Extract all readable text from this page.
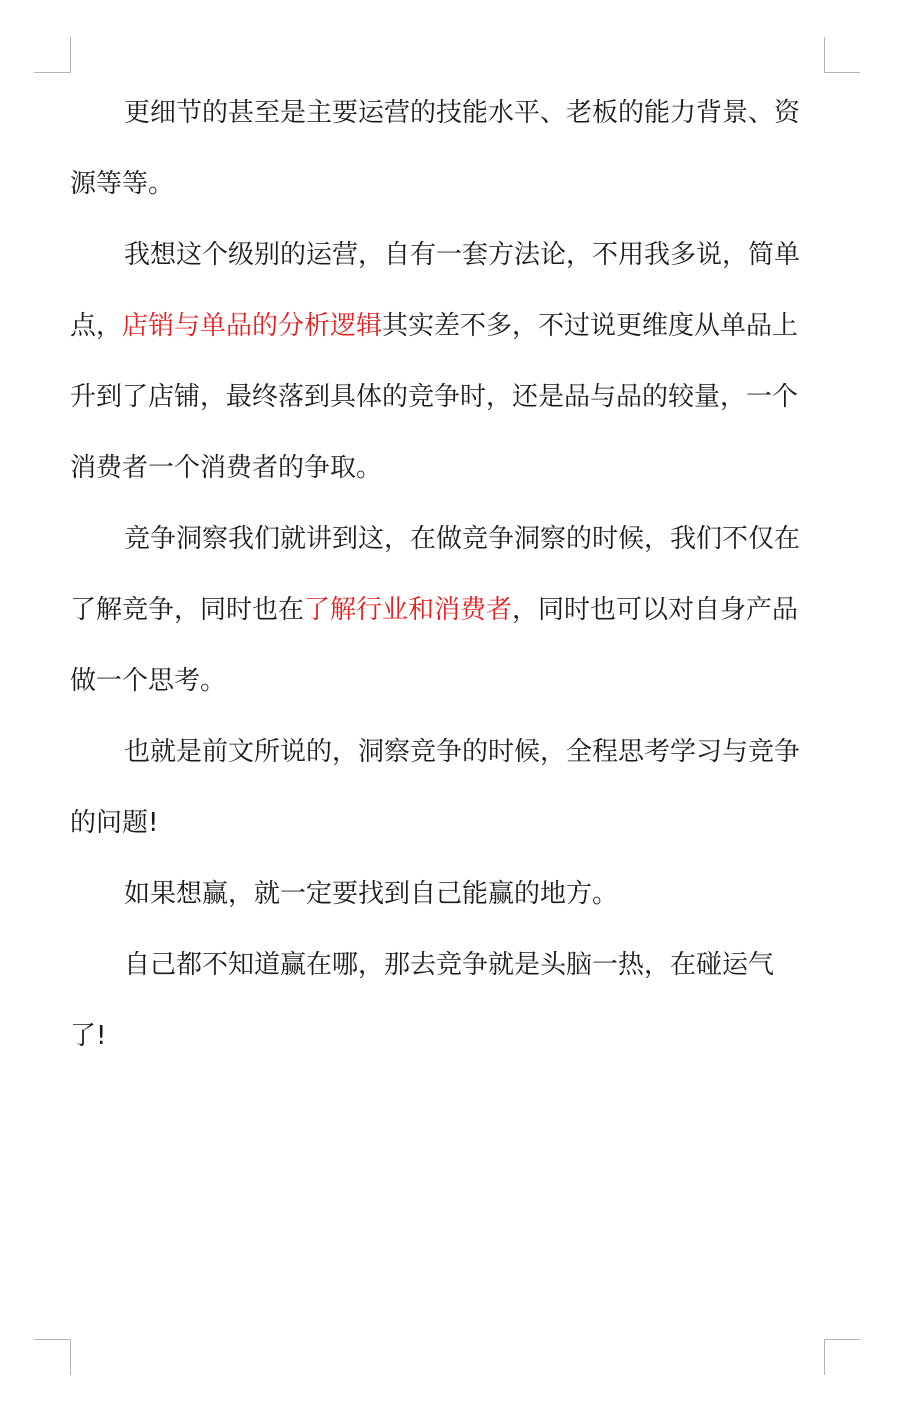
更细节的甚至是主要运营的技能水平、老板的能力背景、资
源等等。
我想这个级别的运营，自有一套方法论，不用我多说，简单
点，店销与单品的分析逻辑其实差不多，不过说更维度从单品上
升到了店铺，最终落到具体的竞争时，还是品与品的较量，一个
消费者一个消费者的争取。
竞争洞察我们就讲到这，在做竞争洞察的时候，我们不仅在
了解竞争，同时也在了解行业和消费者，同时也可以对自身产品
做一个思考。
也就是前文所说的，洞察竞争的时候，全程思考学习与竞争
的问题!
如果想赢，就一定要找到自己能赢的地方。
自己都不知道赢在哪，那去竞争就是头脑一热，在碰运气
了!
